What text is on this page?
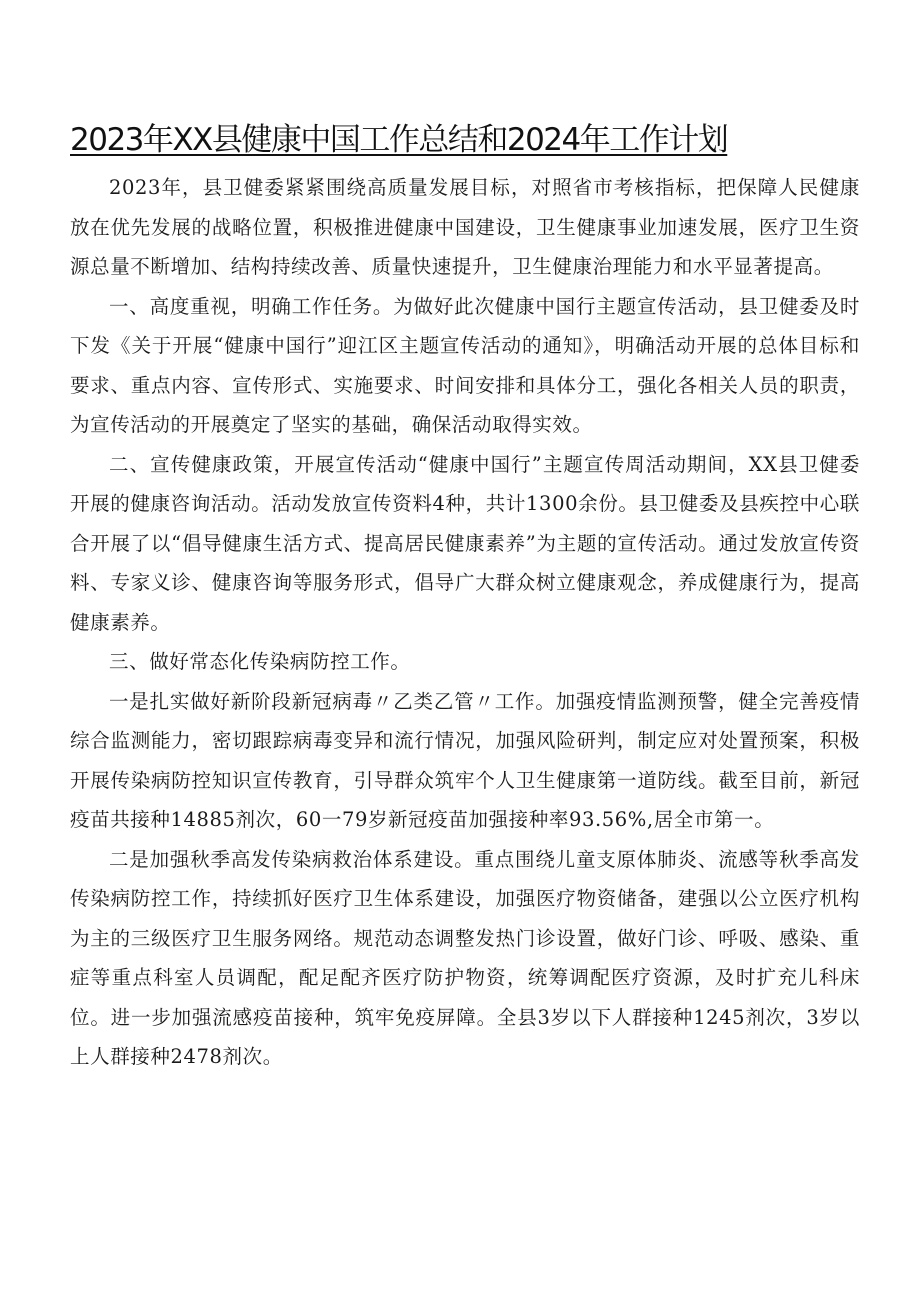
2023年XX县健康中国工作总结和2024年工作计划

2023年，县卫健委紧紧围绕高质量发展目标，对照省市考核指标，把保障人民健康放在优先发展的战略位置，积极推进健康中国建设，卫生健康事业加速发展，医疗卫生资源总量不断增加、结构持续改善、质量快速提升，卫生健康治理能力和水平显著提高。

一、高度重视，明确工作任务。为做好此次健康中国行主题宣传活动，县卫健委及时下发《关于开展“健康中国行”迎江区主题宣传活动的通知》，明确活动开展的总体目标和要求、重点内容、宣传形式、实施要求、时间安排和具体分工，强化各相关人员的职责，为宣传活动的开展奠定了坚实的基础，确保活动取得实效。

二、宣传健康政策，开展宣传活动“健康中国行”主题宣传周活动期间，XX县卫健委开展的健康咨询活动。活动发放宣传资料4种，共计1300余份。县卫健委及县疾控中心联合开展了以“倡导健康生活方式、提高居民健康素养”为主题的宣传活动。通过发放宣传资料、专家义诊、健康咨询等服务形式，倡导广大群众树立健康观念，养成健康行为，提高健康素养。

三、做好常态化传染病防控工作。

一是扎实做好新阶段新冠病毒〃乙类乙管〃工作。加强疫情监测预警，健全完善疫情综合监测能力，密切跟踪病毒变异和流行情况，加强风险研判，制定应对处置预案，积极开展传染病防控知识宣传教育，引导群众筑牢个人卫生健康第一道防线。截至目前，新冠疫苗共接种14885剂次，60一79岁新冠疫苗加强接种率93.56%,居全市第一。

二是加强秋季高发传染病救治体系建设。重点围绕儿童支原体肺炎、流感等秋季高发传染病防控工作，持续抓好医疗卫生体系建设，加强医疗物资储备，建强以公立医疗机构为主的三级医疗卫生服务网络。规范动态调整发热门诊设置，做好门诊、呼吸、感染、重症等重点科室人员调配，配足配齐医疗防护物资，统筹调配医疗资源，及时扩充儿科床位。进一步加强流感疫苗接种，筑牢免疫屏障。全县3岁以下人群接种1245剂次，3岁以上人群接种2478剂次。
